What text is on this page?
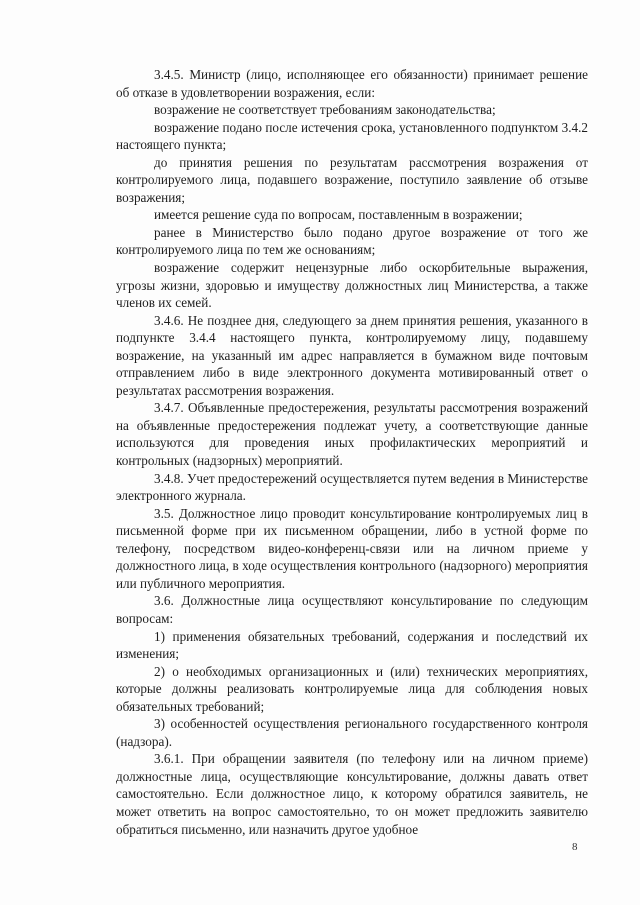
3.4.5. Министр (лицо, исполняющее его обязанности) принимает решение об отказе в удовлетворении возражения, если:

возражение не соответствует требованиям законодательства;

возражение подано после истечения срока, установленного подпунктом 3.4.2 настоящего пункта;

до принятия решения по результатам рассмотрения возражения от контролируемого лица, подавшего возражение, поступило заявление об отзыве возражения;

имеется решение суда по вопросам, поставленным в возражении;

ранее в Министерство было подано другое возражение от того же контролируемого лица по тем же основаниям;

возражение содержит нецензурные либо оскорбительные выражения, угрозы жизни, здоровью и имуществу должностных лиц Министерства, а также членов их семей.

3.4.6. Не позднее дня, следующего за днем принятия решения, указанного в подпункте 3.4.4 настоящего пункта, контролируемому лицу, подавшему возражение, на указанный им адрес направляется в бумажном виде почтовым отправлением либо в виде электронного документа мотивированный ответ о результатах рассмотрения возражения.

3.4.7. Объявленные предостережения, результаты рассмотрения возражений на объявленные предостережения подлежат учету, а соответствующие данные используются для проведения иных профилактических мероприятий и контрольных (надзорных) мероприятий.

3.4.8. Учет предостережений осуществляется путем ведения в Министерстве электронного журнала.

3.5. Должностное лицо проводит консультирование контролируемых лиц в письменной форме при их письменном обращении, либо в устной форме по телефону, посредством видео-конференц-связи или на личном приеме у должностного лица, в ходе осуществления контрольного (надзорного) мероприятия или публичного мероприятия.

3.6. Должностные лица осуществляют консультирование по следующим вопросам:

1) применения обязательных требований, содержания и последствий их изменения;

2) о необходимых организационных и (или) технических мероприятиях, которые должны реализовать контролируемые лица для соблюдения новых обязательных требований;

3) особенностей осуществления регионального государственного контроля (надзора).

3.6.1. При обращении заявителя (по телефону или на личном приеме) должностные лица, осуществляющие консультирование, должны давать ответ самостоятельно. Если должностное лицо, к которому обратился заявитель, не может ответить на вопрос самостоятельно, то он может предложить заявителю обратиться письменно, или назначить другое удобное

8
